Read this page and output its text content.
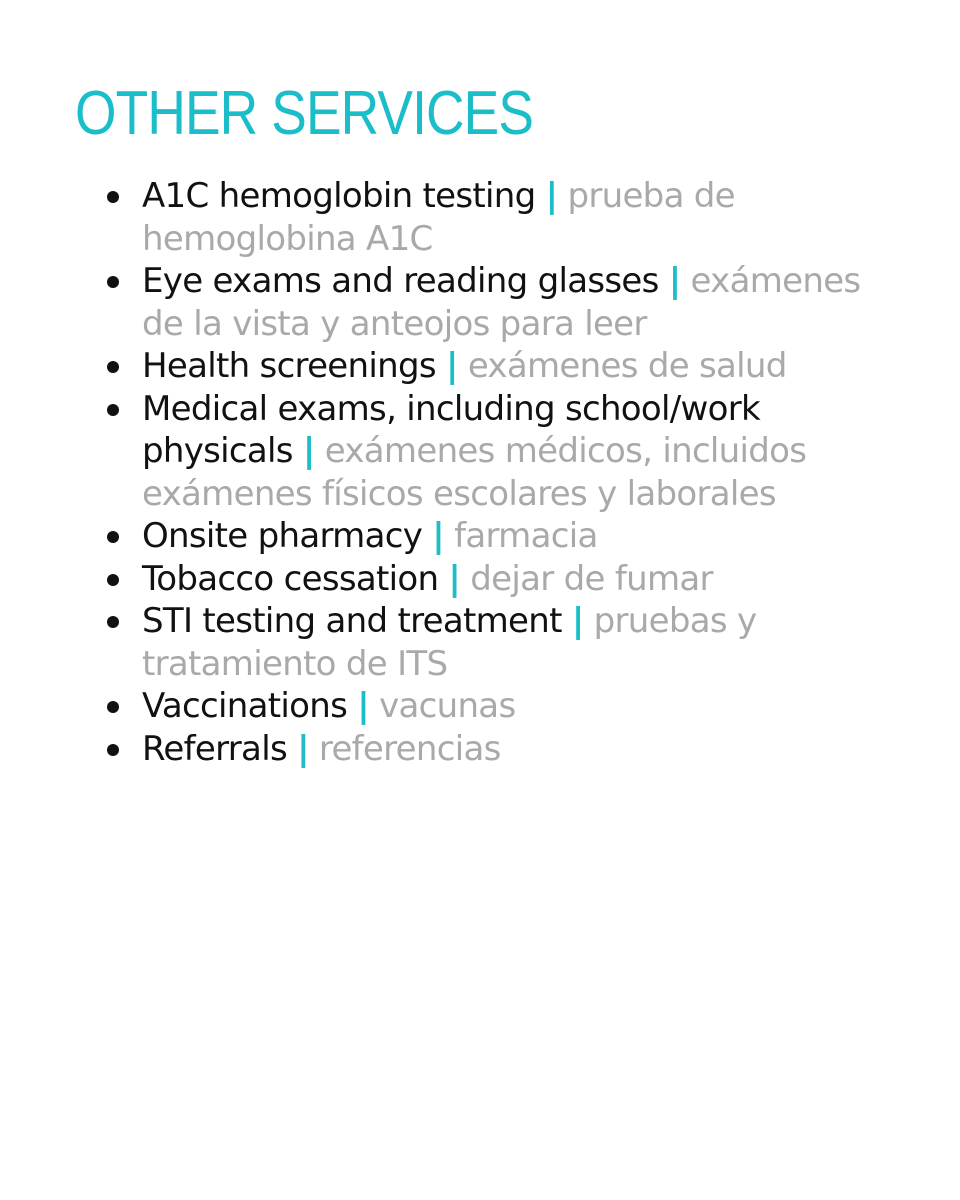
OTHER SERVICES
A1C hemoglobin testing | prueba de hemoglobina A1C
Eye exams and reading glasses | exámenes de la vista y anteojos para leer
Health screenings | exámenes de salud
Medical exams, including school/work physicals | exámenes médicos, incluidos exámenes físicos escolares y laborales
Onsite pharmacy | farmacia
Tobacco cessation | dejar de fumar
STI testing and treatment | pruebas y tratamiento de ITS
Vaccinations | vacunas
Referrals | referencias
